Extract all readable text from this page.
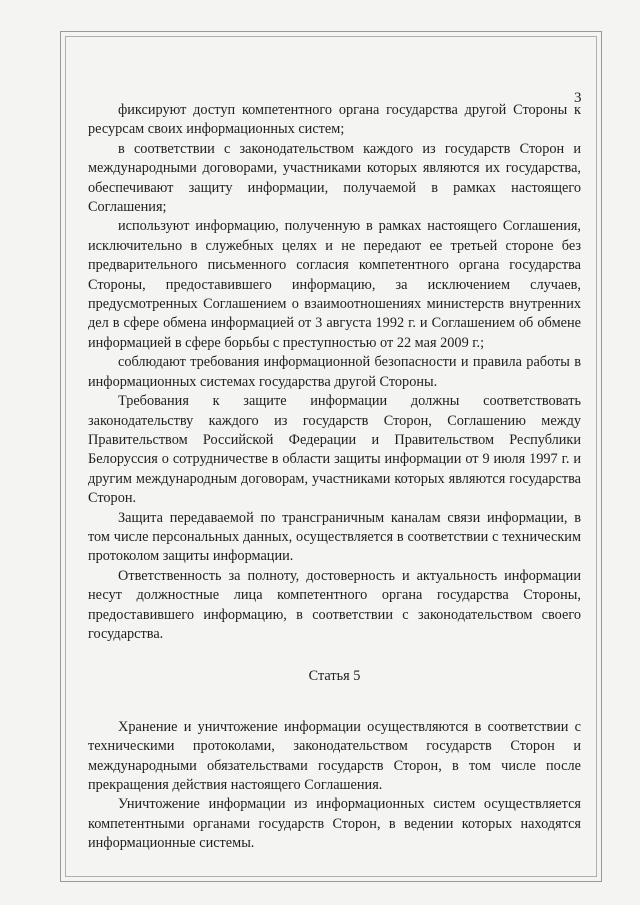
3

фиксируют доступ компетентного органа государства другой Стороны к ресурсам своих информационных систем;

в соответствии с законодательством каждого из государств Сторон и международными договорами, участниками которых являются их государства, обеспечивают защиту информации, получаемой в рамках настоящего Соглашения;

используют информацию, полученную в рамках настоящего Соглашения, исключительно в служебных целях и не передают ее третьей стороне без предварительного письменного согласия компетентного органа государства Стороны, предоставившего информацию, за исключением случаев, предусмотренных Соглашением о взаимоотношениях министерств внутренних дел в сфере обмена информацией от 3 августа 1992 г. и Соглашением об обмене информацией в сфере борьбы с преступностью от 22 мая 2009 г.;

соблюдают требования информационной безопасности и правила работы в информационных системах государства другой Стороны.

Требования к защите информации должны соответствовать законодательству каждого из государств Сторон, Соглашению между Правительством Российской Федерации и Правительством Республики Белоруссия о сотрудничестве в области защиты информации от 9 июля 1997 г. и другим международным договорам, участниками которых являются государства Сторон.

Защита передаваемой по трансграничным каналам связи информации, в том числе персональных данных, осуществляется в соответствии с техническим протоколом защиты информации.

Ответственность за полноту, достоверность и актуальность информации несут должностные лица компетентного органа государства Стороны, предоставившего информацию, в соответствии с законодательством своего государства.

Статья 5

Хранение и уничтожение информации осуществляются в соответствии с техническими протоколами, законодательством государств Сторон и международными обязательствами государств Сторон, в том числе после прекращения действия настоящего Соглашения.

Уничтожение информации из информационных систем осуществляется компетентными органами государств Сторон, в ведении которых находятся информационные системы.
